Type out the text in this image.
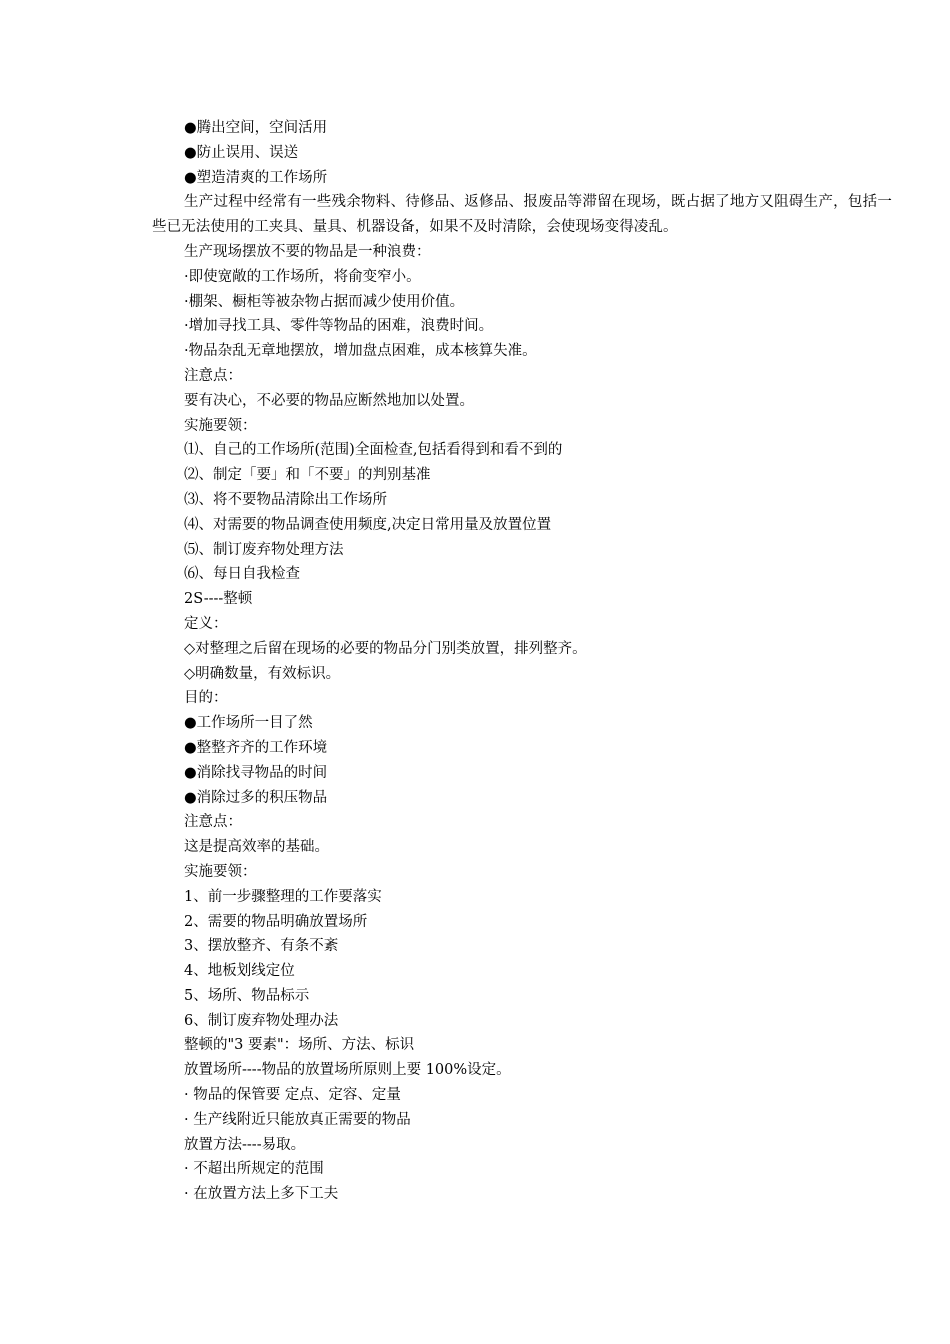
●腾出空间，空间活用
●防止误用、误送
●塑造清爽的工作场所
生产过程中经常有一些残余物料、待修品、返修品、报废品等滞留在现场，既占据了地方又阻碍生产，包括一些已无法使用的工夹具、量具、机器设备，如果不及时清除，会使现场变得凌乱。
生产现场摆放不要的物品是一种浪费：
·即使宽敞的工作场所，将俞变窄小。
·棚架、橱柜等被杂物占据而减少使用价值。
·增加寻找工具、零件等物品的困难，浪费时间。
·物品杂乱无章地摆放，增加盘点困难，成本核算失准。
注意点：
要有决心，不必要的物品应断然地加以处置。
实施要领：
⑴、自己的工作场所(范围)全面检查,包括看得到和看不到的
⑵、制定「要」和「不要」的判别基准
⑶、将不要物品清除出工作场所
⑷、对需要的物品调查使用频度,决定日常用量及放置位置
⑸、制订废弃物处理方法
⑹、每日自我检查
2S----整顿
定义：
◇对整理之后留在现场的必要的物品分门别类放置，排列整齐。
◇明确数量，有效标识。
目的：
●工作场所一目了然
●整整齐齐的工作环境
●消除找寻物品的时间
●消除过多的积压物品
注意点：
这是提高效率的基础。
实施要领：
1、前一步骤整理的工作要落实
2、需要的物品明确放置场所
3、摆放整齐、有条不紊
4、地板划线定位
5、场所、物品标示
6、制订废弃物处理办法
整顿的"3 要素"：场所、方法、标识
放置场所----物品的放置场所原则上要 100%设定。
· 物品的保管要 定点、定容、定量
· 生产线附近只能放真正需要的物品
放置方法----易取。
· 不超出所规定的范围
· 在放置方法上多下工夫
